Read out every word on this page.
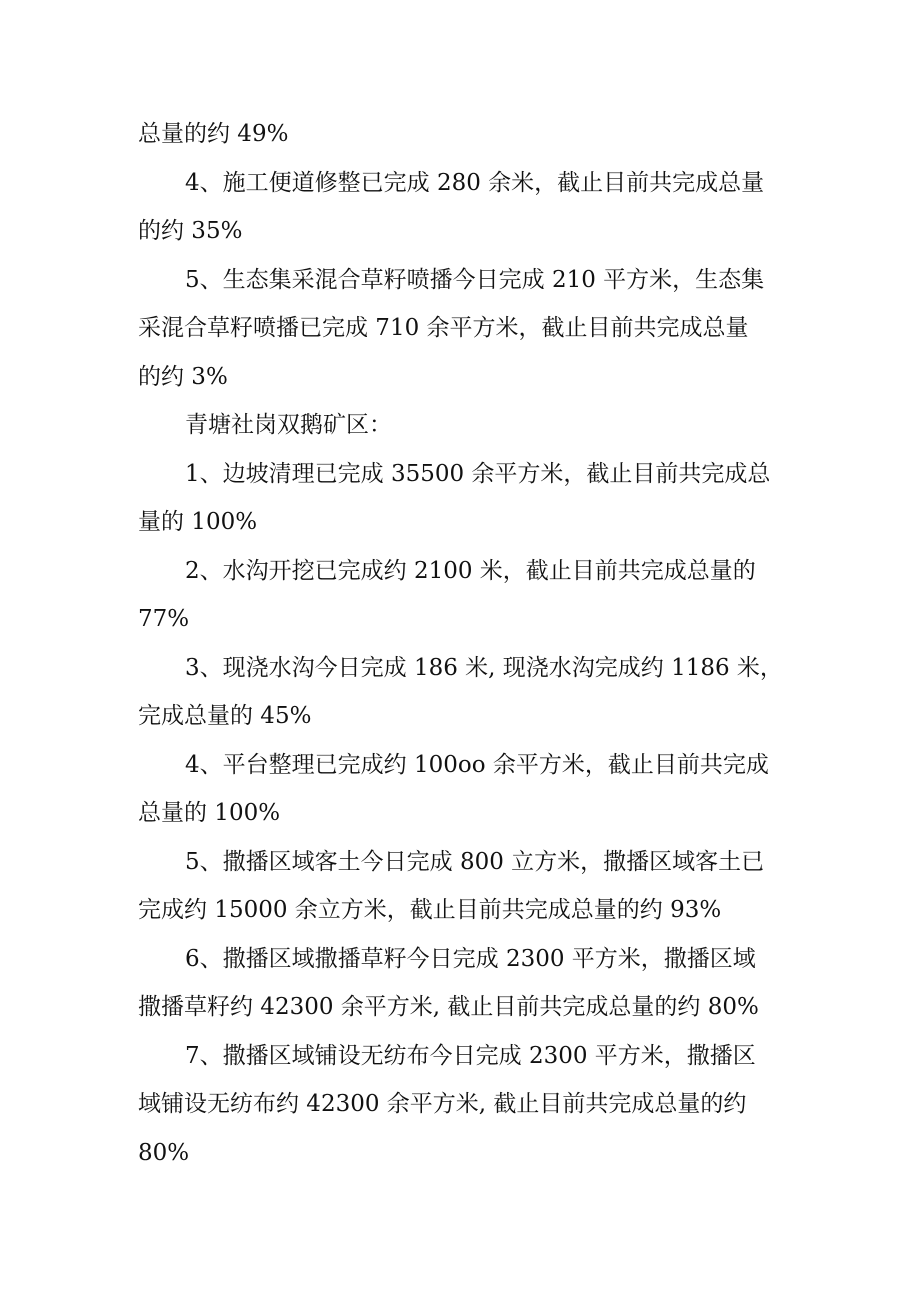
总量的约 49%

4、施工便道修整已完成 280 余米，截止目前共完成总量

的约 35%

5、生态集采混合草籽喷播今日完成 210 平方米，生态集

采混合草籽喷播已完成 710 余平方米，截止目前共完成总量

的约 3%

青塘社岗双鹅矿区：

1、边坡清理已完成 35500 余平方米，截止目前共完成总

量的 100%

2、水沟开挖已完成约 2100 米，截止目前共完成总量的

77%

3、现浇水沟今日完成 186 米, 现浇水沟完成约 1186 米，

完成总量的 45%

4、平台整理已完成约 100oo 余平方米，截止目前共完成

总量的 100%

5、撒播区域客土今日完成 800 立方米，撒播区域客土已

完成约 15000 余立方米，截止目前共完成总量的约 93%

6、撒播区域撒播草籽今日完成 2300 平方米，撒播区域

撒播草籽约 42300 余平方米, 截止目前共完成总量的约 80%

7、撒播区域铺设无纺布今日完成 2300 平方米，撒播区

域铺设无纺布约 42300 余平方米, 截止目前共完成总量的约

80%
